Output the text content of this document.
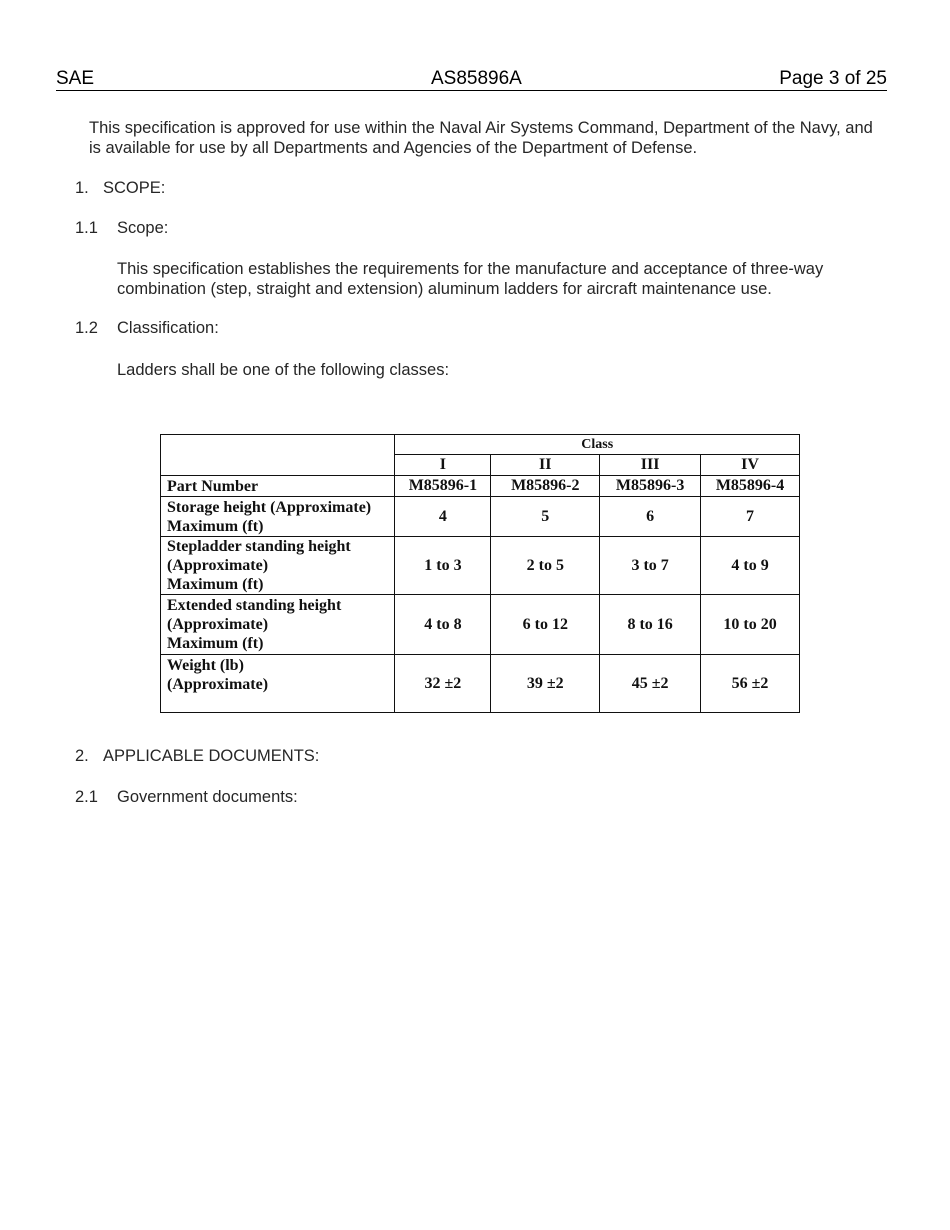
SAE	AS85896A	Page 3 of 25
This specification is approved for use within the Naval Air Systems Command, Department of the Navy, and is available for use by all Departments and Agencies of the Department of Defense.
1. SCOPE:
1.1 Scope:
This specification establishes the requirements for the manufacture and acceptance of three-way combination (step, straight and extension) aluminum ladders for aircraft maintenance use.
1.2 Classification:
Ladders shall be one of the following classes:
	Class			
	I	II	III	IV
Part Number	M85896-1	M85896-2	M85896-3	M85896-4
Storage height (Approximate)
Maximum (ft)	4	5	6	7
Stepladder standing height
(Approximate)
Maximum (ft)	1 to 3	2 to 5	3 to 7	4 to 9
Extended standing height
(Approximate)
Maximum (ft)	4 to 8	6 to 12	8 to 16	10 to 20
Weight (lb)
(Approximate)	32 ±2	39 ±2	45 ±2	56 ±2
2. APPLICABLE DOCUMENTS:
2.1 Government documents:
